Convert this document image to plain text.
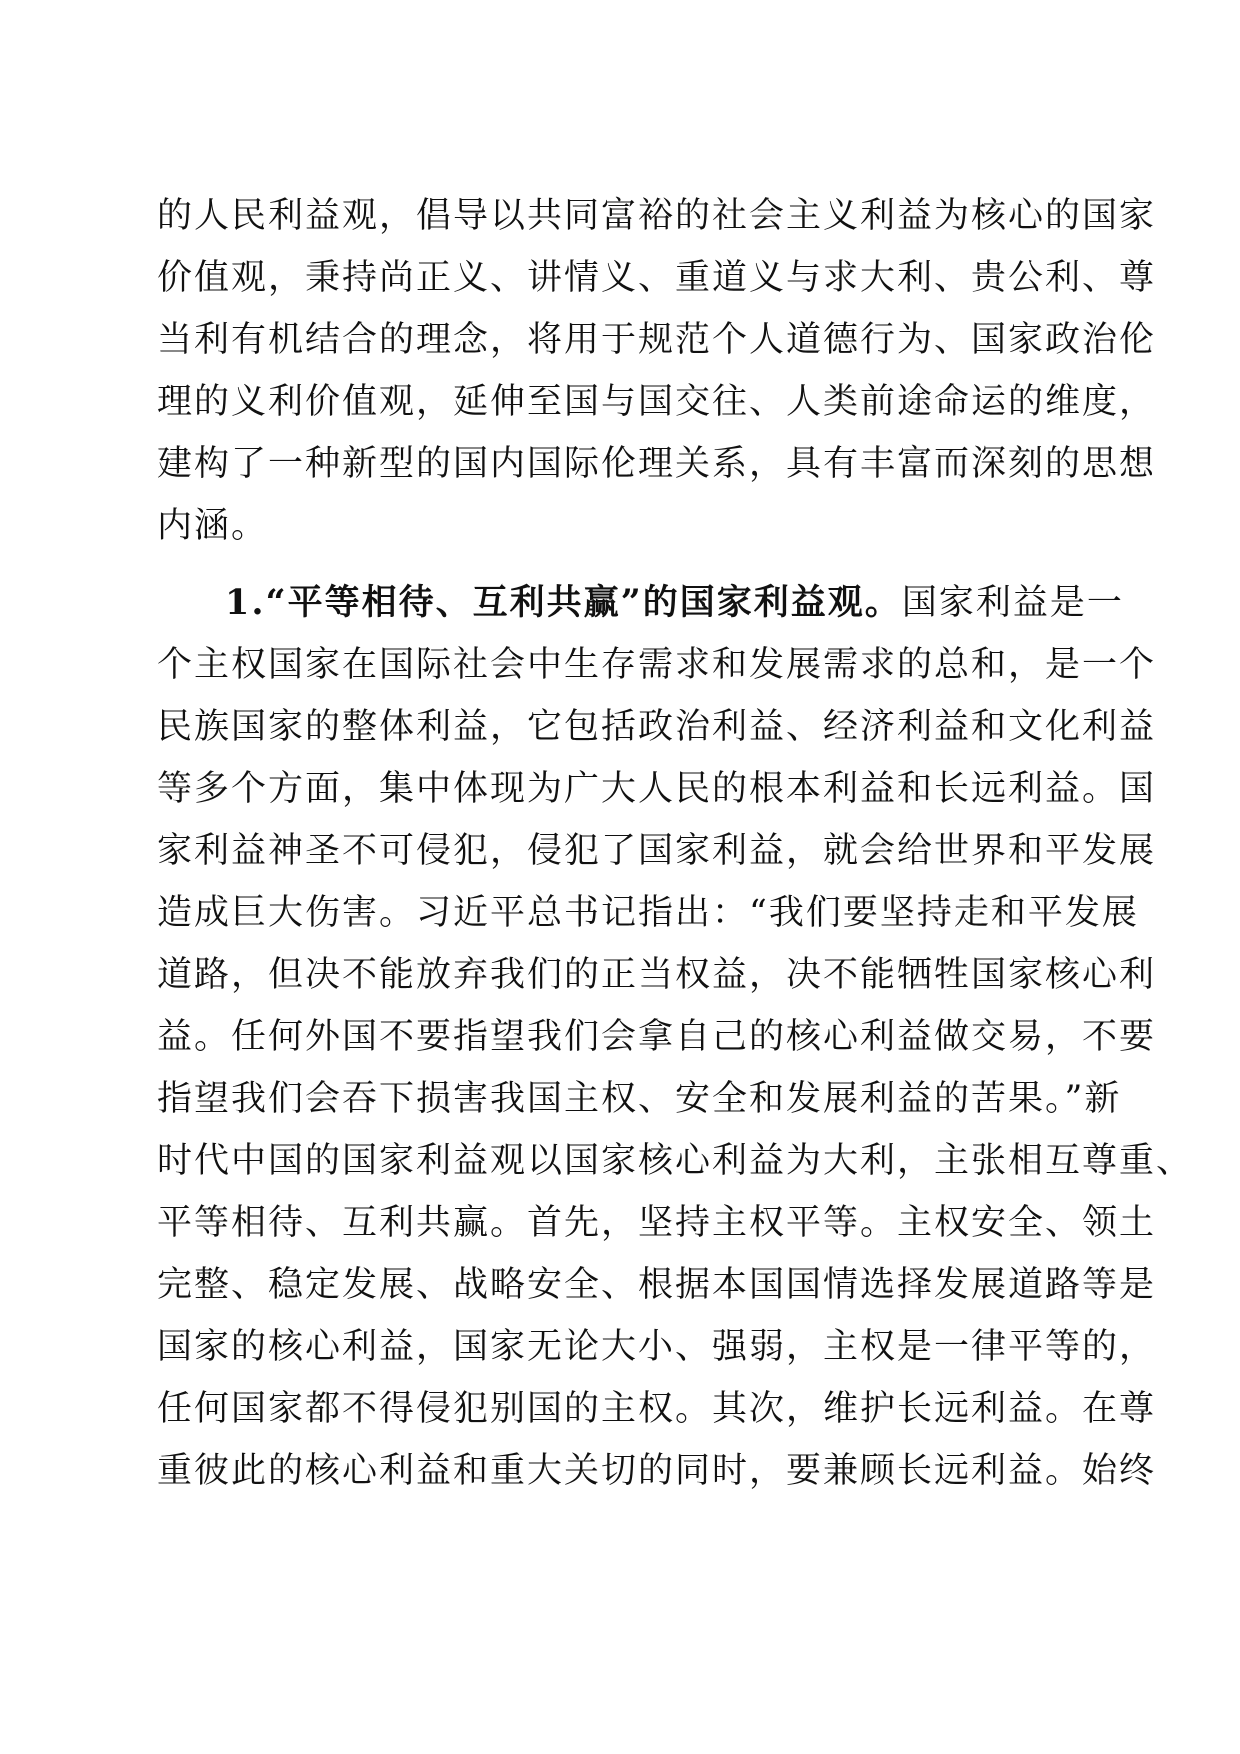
的人民利益观，倡导以共同富裕的社会主义利益为核心的国家
价值观，秉持尚正义、讲情义、重道义与求大利、贵公利、尊
当利有机结合的理念，将用于规范个人道德行为、国家政治伦
理的义利价值观，延伸至国与国交往、人类前途命运的维度，
建构了一种新型的国内国际伦理关系，具有丰富而深刻的思想
内涵。
1.“平等相待、互利共赢”的国家利益观。国家利益是一
个主权国家在国际社会中生存需求和发展需求的总和，是一个
民族国家的整体利益，它包括政治利益、经济利益和文化利益
等多个方面，集中体现为广大人民的根本利益和长远利益。国
家利益神圣不可侵犯，侵犯了国家利益，就会给世界和平发展
造成巨大伤害。习近平总书记指出：“我们要坚持走和平发展
道路，但决不能放弃我们的正当权益，决不能牺牲国家核心利
益。任何外国不要指望我们会拿自己的核心利益做交易，不要
指望我们会吞下损害我国主权、安全和发展利益的苦果。”新
时代中国的国家利益观以国家核心利益为大利，主张相互尊重、
平等相待、互利共赢。首先，坚持主权平等。主权安全、领土
完整、稳定发展、战略安全、根据本国国情选择发展道路等是
国家的核心利益，国家无论大小、强弱，主权是一律平等的，
任何国家都不得侵犯别国的主权。其次，维护长远利益。在尊
重彼此的核心利益和重大关切的同时，要兼顾长远利益。始终
